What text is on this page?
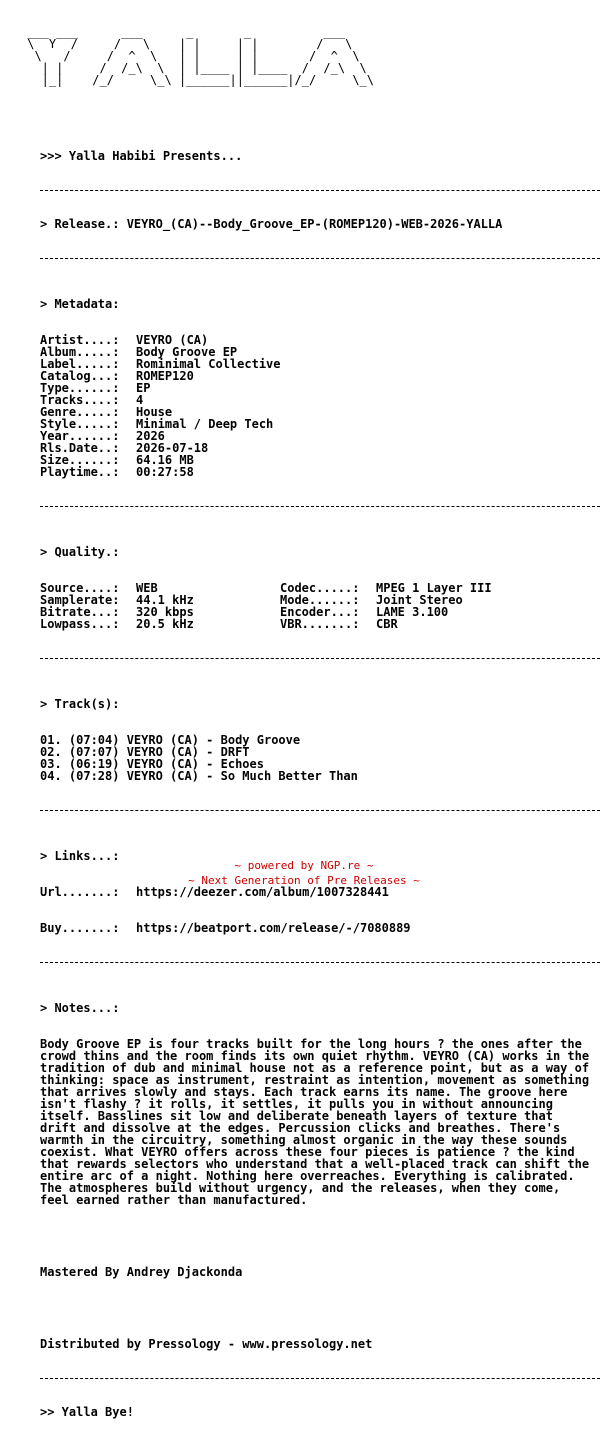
___ ___      ___      _       _          ___
\  Y  /     /   \    | |     | |        /   \
\   /     /  ^  \   | |     | |       /  ^  \
| |     /  /_\  \  | |____ | |____  /  /_\  \
|_|    /_/     \_\ |______||______|/_/     \_\

>>> Yalla Habibi Presents...

> Release.: VEYRO_(CA)--Body_Groove_EP-(ROMEP120)-WEB-2026-YALLA

> Metadata:

Artist....: VEYRO (CA)
Album.....: Body Groove EP
Label.....: Rominimal Collective
Catalog...: ROMEP120
Type......: EP
Tracks....: 4
Genre.....: House
Style.....: Minimal / Deep Tech
Year......: 2026
Rls.Date..: 2026-07-18
Size......: 64.16 MB
Playtime..: 00:27:58

> Quality.:

Source....: WEB	Codec.....: MPEG 1 Layer III
Samplerate: 44.1 kHz	Mode......: Joint Stereo
Bitrate...: 320 kbps	Encoder...: LAME 3.100
Lowpass...: 20.5 kHz	VBR.......: CBR

> Track(s):

01. (07:04) VEYRO (CA) - Body Groove
02. (07:07) VEYRO (CA) - DRFT
03. (06:19) VEYRO (CA) - Echoes
04. (07:28) VEYRO (CA) - So Much Better Than

> Links...:

Url.......: https://deezer.com/album/1007328441

Buy.......: https://beatport.com/release/-/7080889

> Notes...:

Body Groove EP is four tracks built for the long hours ? the ones after the crowd thins and the room finds its own quiet rhythm. VEYRO (CA) works in the tradition of dub and minimal house not as a reference point, but as a way of thinking: space as instrument, restraint as intention, movement as something that arrives slowly and stays. Each track earns its name. The groove here isn't flashy ? it rolls, it settles, it pulls you in without announcing itself. Basslines sit low and deliberate beneath layers of texture that drift and dissolve at the edges. Percussion clicks and breathes. There's warmth in the circuitry, something almost organic in the way these sounds coexist. What VEYRO offers across these four pieces is patience ? the kind that rewards selectors who understand that a well-placed track can shift the entire arc of a night. Nothing here overreaches. Everything is calibrated. The atmospheres build without urgency, and the releases, when they come, feel earned rather than manufactured.

Mastered By Andrey Djackonda

Distributed by Pressology - www.pressology.net

>> Yalla Bye!

~ powered by NGP.re ~
~ Next Generation of Pre Releases ~
